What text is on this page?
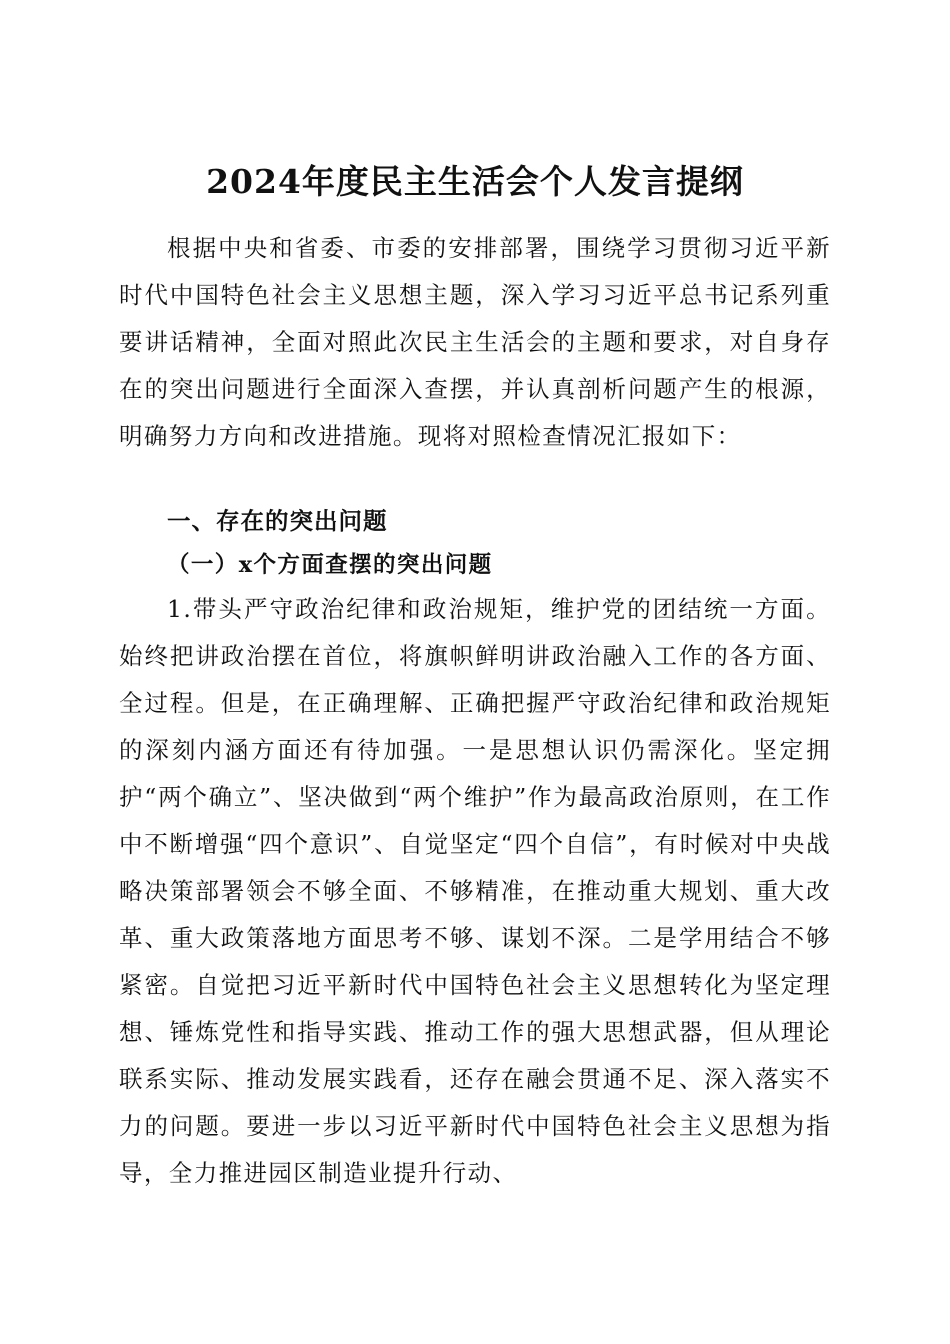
2024年度民主生活会个人发言提纲

根据中央和省委、市委的安排部署，围绕学习贯彻习近平新时代中国特色社会主义思想主题，深入学习习近平总书记系列重要讲话精神，全面对照此次民主生活会的主题和要求，对自身存在的突出问题进行全面深入查摆，并认真剖析问题产生的根源，明确努力方向和改进措施。现将对照检查情况汇报如下：

一、存在的突出问题
（一）x个方面查摆的突出问题

1.带头严守政治纪律和政治规矩，维护党的团结统一方面。始终把讲政治摆在首位，将旗帜鲜明讲政治融入工作的各方面、全过程。但是，在正确理解、正确把握严守政治纪律和政治规矩的深刻内涵方面还有待加强。一是思想认识仍需深化。坚定拥护“两个确立”、坚决做到“两个维护”作为最高政治原则，在工作中不断增强“四个意识”、自觉坚定“四个自信”，有时候对中央战略决策部署领会不够全面、不够精准，在推动重大规划、重大改革、重大政策落地方面思考不够、谋划不深。二是学用结合不够紧密。自觉把习近平新时代中国特色社会主义思想转化为坚定理想、锤炼党性和指导实践、推动工作的强大思想武器，但从理论联系实际、推动发展实践看，还存在融会贯通不足、深入落实不力的问题。要进一步以习近平新时代中国特色社会主义思想为指导，全力推进园区制造业提升行动、
